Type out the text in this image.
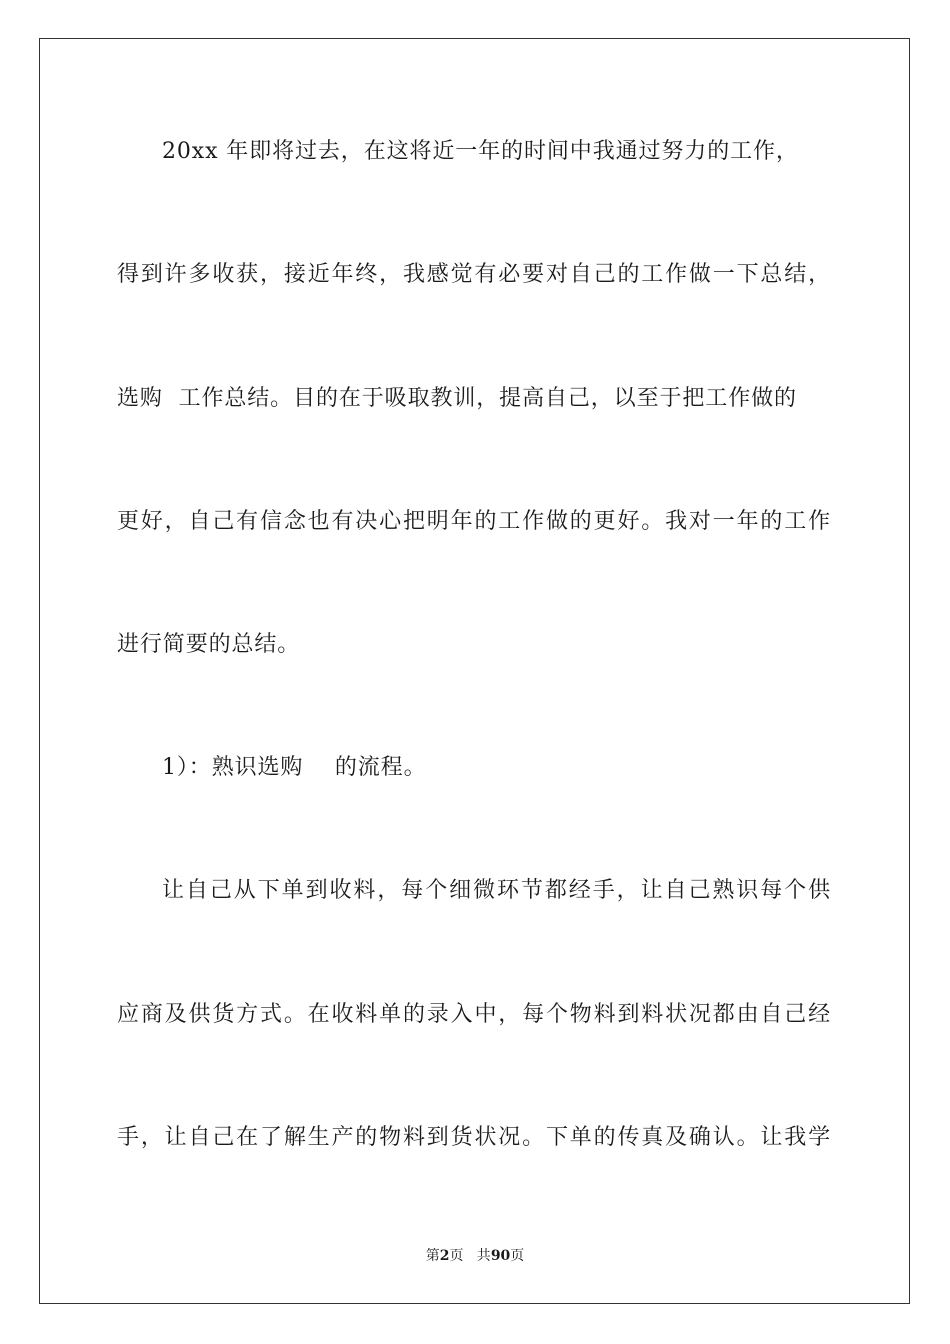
20xx 年即将过去，在这将近一年的时间中我通过努力的工作，
得到许多收获，接近年终，我感觉有必要对自己的工作做一下总结，
选购  工作总结。目的在于吸取教训，提高自己，以至于把工作做的
更好，自己有信念也有决心把明年的工作做的更好。我对一年的工作
进行简要的总结。
1）：熟识选购    的流程。
让自己从下单到收料，每个细微环节都经手，让自己熟识每个供
应商及供货方式。在收料单的录入中，每个物料到料状况都由自己经
手，让自己在了解生产的物料到货状况。下单的传真及确认。让我学
第2页   共90页
